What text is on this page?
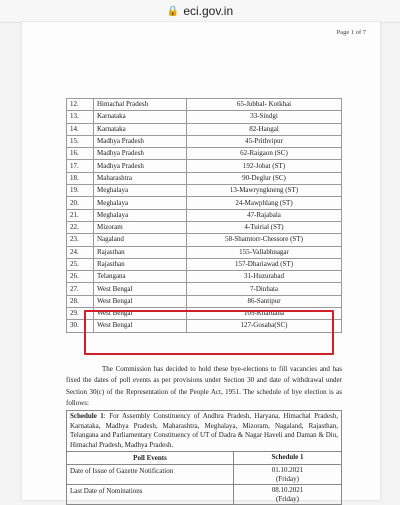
🔒 eci.gov.in
Page 1 of 7
12.	Himachal Pradesh	65-Jubbal- Kotkhai
13.	Karnataka	33-Sindgi
14.	Karnataka	82-Hangal
15.	Madhya Pradesh	45-Prithvipur
16.	Madhya Pradesh	62-Raigaon (SC)
17.	Madhya Pradesh	192-Jobat (ST)
18.	Maharashtra	90-Deglur (SC)
19.	Meghalaya	13-Mawryngkneng (ST)
20.	Meghalaya	24-Mawphlang (ST)
21.	Meghalaya	47-Rajabala
22.	Mizoram	4-Tuirial (ST)
23.	Nagaland	58-Shamtorr-Chessore (ST)
24.	Rajasthan	155-Vallabhnagar
25.	Rajasthan	157-Dhariawad (ST)
26.	Telangana	31-Huzurabad
27.	West Bengal	7-Dinhata
28.	West Bengal	86-Santipur
29.	West Bengal	109-Khardaha
30.	West Bengal	127-Gosaba(SC)

The Commission has decided to hold these bye-elections to fill vacancies and has fixed the dates of poll events as per provisions under Section 30 and date of withdrawal under Section 30(c) of the Representation of the People Act, 1951. The schedule of bye election is as follows:

Schedule 1: For Assembly Constituency of Andhra Pradesh, Haryana, Himachal Pradesh, Karnataka, Madhya Pradesh, Maharashtra, Meghalaya, Mizoram, Nagaland, Rajasthan, Telangana and Parliamentary Constituency of UT of Dadra & Nagar Haveli and Daman & Diu, Himachal Pradesh, Madhya Pradesh.	
Poll Events	Schedule 1
Date of Issue of Gazette Notification	01.10.2021
(Friday)

Last Date of Nominations	08.10.2021
(Friday)
